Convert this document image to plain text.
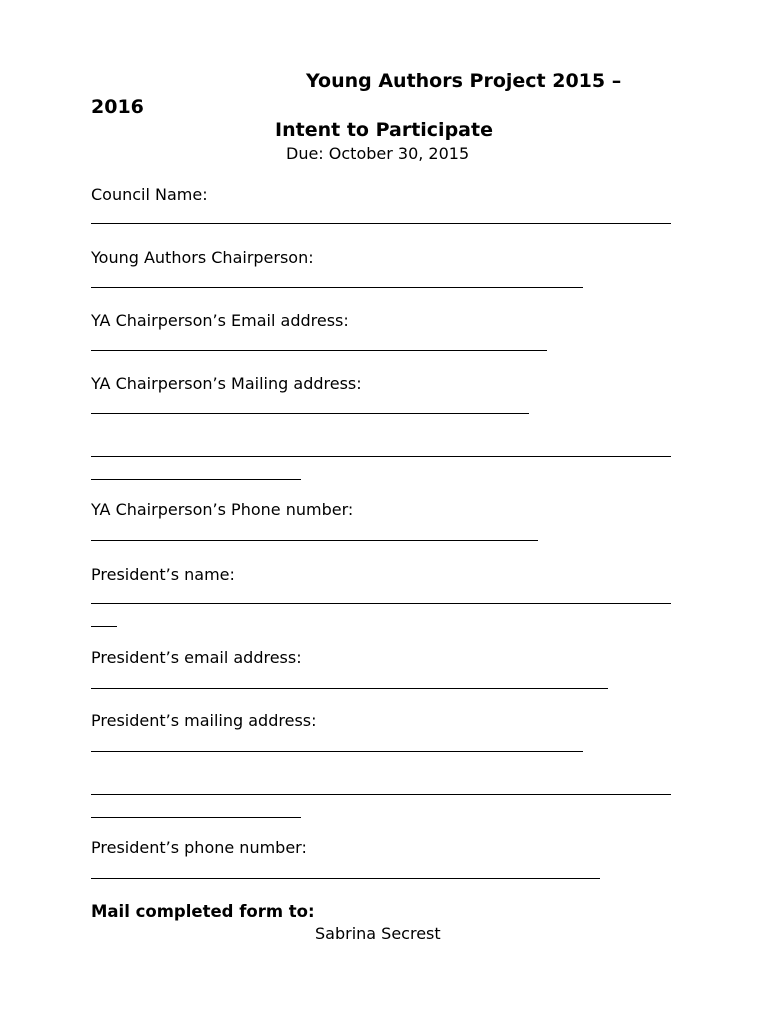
Young Authors Project 2015 –
2016
Intent to Participate
Due: October 30, 2015
Council Name:
Young Authors Chairperson:
YA Chairperson’s Email address:
YA Chairperson’s Mailing address:
YA Chairperson’s Phone number:
President’s name:
President’s email address:
President’s mailing address:
President’s phone number:
Mail completed form to:
Sabrina Secrest
